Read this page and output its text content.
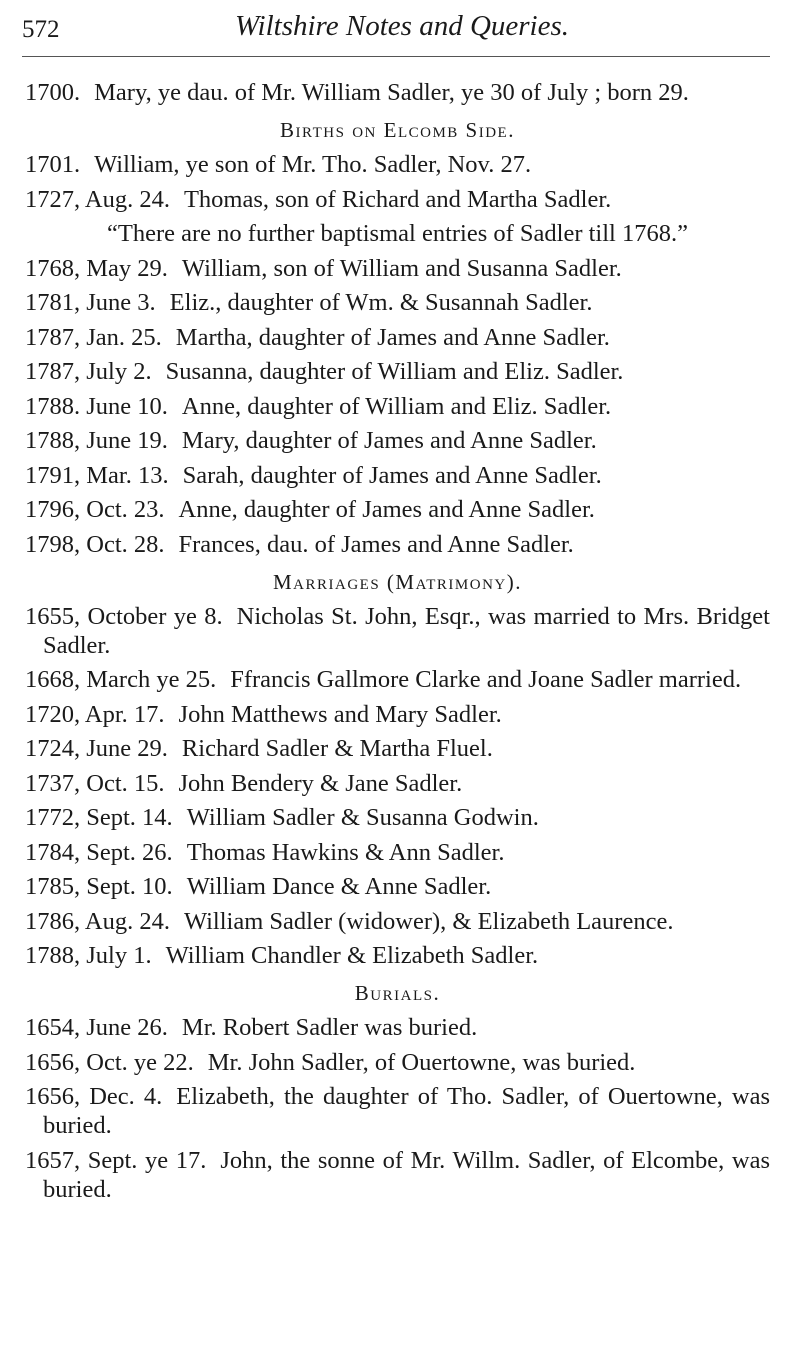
572	Wiltshire Notes and Queries.

1700. Mary, ye dau. of Mr. William Sadler, ye 30 of July ; born 29.

Births on Elcomb Side.

1701. William, ye son of Mr. Tho. Sadler, Nov. 27.

1727, Aug. 24. Thomas, son of Richard and Martha Sadler.

“There are no further baptismal entries of Sadler till 1768.”

1768, May 29. William, son of William and Susanna Sadler.

1781, June 3. Eliz., daughter of Wm. & Susannah Sadler.

1787, Jan. 25. Martha, daughter of James and Anne Sadler.

1787, July 2. Susanna, daughter of William and Eliz. Sadler.

1788. June 10. Anne, daughter of William and Eliz. Sadler.

1788, June 19. Mary, daughter of James and Anne Sadler.

1791, Mar. 13. Sarah, daughter of James and Anne Sadler.

1796, Oct. 23. Anne, daughter of James and Anne Sadler.

1798, Oct. 28. Frances, dau. of James and Anne Sadler.

Marriages (Matrimony).

1655, October ye 8. Nicholas St. John, Esqr., was married to Mrs. Bridget Sadler.

1668, March ye 25. Ffrancis Gallmore Clarke and Joane Sadler married.

1720, Apr. 17. John Matthews and Mary Sadler.

1724, June 29. Richard Sadler & Martha Fluel.

1737, Oct. 15. John Bendery & Jane Sadler.

1772, Sept. 14. William Sadler & Susanna Godwin.

1784, Sept. 26. Thomas Hawkins & Ann Sadler.

1785, Sept. 10. William Dance & Anne Sadler.

1786, Aug. 24. William Sadler (widower), & Elizabeth Laurence.

1788, July 1. William Chandler & Elizabeth Sadler.

Burials.

1654, June 26. Mr. Robert Sadler was buried.

1656, Oct. ye 22. Mr. John Sadler, of Ouertowne, was buried.

1656, Dec. 4. Elizabeth, the daughter of Tho. Sadler, of Ouertowne, was buried.

1657, Sept. ye 17. John, the sonne of Mr. Willm. Sadler, of Elcombe, was buried.
